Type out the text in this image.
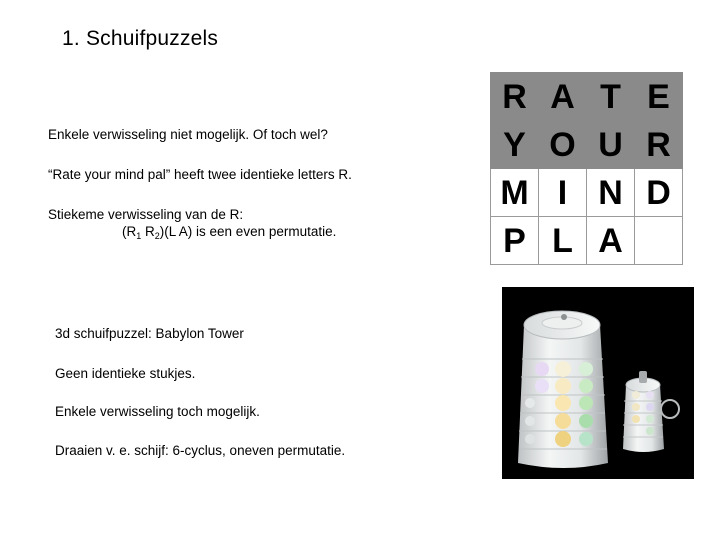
1. Schuifpuzzels
Enkele verwisseling niet mogelijk. Of toch wel?
“Rate your mind pal” heeft twee identieke letters R.
Stiekeme verwisseling van de R:
($R_1$ $R_2)(L$ A) is een even permutatie.
3d schuifpuzzel: Babylon Tower
Geen identieke stukjes.
Enkele verwisseling toch mogelijk.
Draaien v. e. schijf: 6-cyclus, oneven permutatie.
R	A	T	E
Y	O	U	R
M	I	N	D
P	L	A	
